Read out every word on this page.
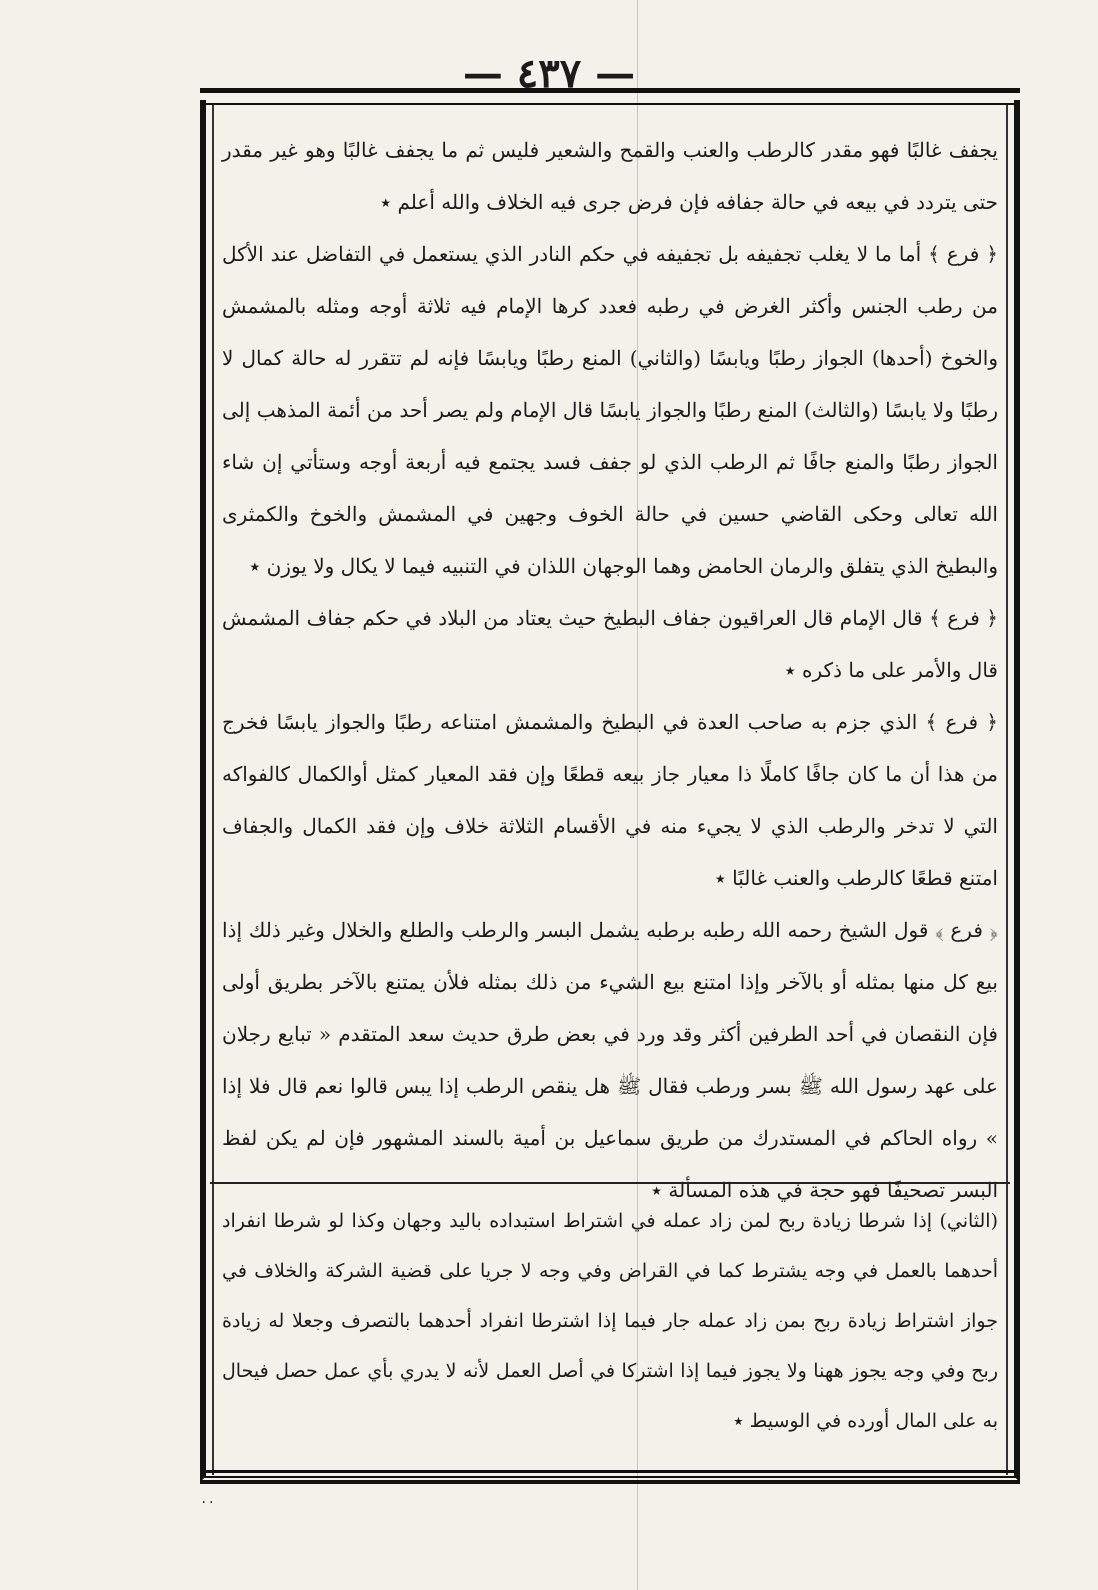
— ٤٣٧ —

يجفف غالبًا فهو مقدر كالرطب والعنب والقمح والشعير فليس ثم ما يجفف غالبًا وهو غير مقدر حتى يتردد في بيعه في حالة جفافه فإن فرض جرى فيه الخلاف والله أعلم ٭

﴿ فرع ﴾ أما ما لا يغلب تجفيفه بل تجفيفه في حكم النادر الذي يستعمل في التفاضل عند الأكل من رطب الجنس وأكثر الغرض في رطبه فعدد كرها الإمام فيه ثلاثة أوجه ومثله بالمشمش والخوخ (أحدها) الجواز رطبًا ويابسًا (والثاني) المنع رطبًا ويابسًا فإنه لم تتقرر له حالة كمال لا رطبًا ولا يابسًا (والثالث) المنع رطبًا والجواز يابسًا قال الإمام ولم يصر أحد من أئمة المذهب إلى الجواز رطبًا والمنع جافًا ثم الرطب الذي لو جفف فسد يجتمع فيه أربعة أوجه وستأتي إن شاء الله تعالى وحكى القاضي حسين في حالة الخوف وجهين في المشمش والخوخ والكمثرى والبطيخ الذي يتفلق والرمان الحامض وهما الوجهان اللذان في التنبيه فيما لا يكال ولا يوزن ٭

﴿ فرع ﴾ قال الإمام قال العراقيون جفاف البطيخ حيث يعتاد من البلاد في حكم جفاف المشمش قال والأمر على ما ذكره ٭

﴿ فرع ﴾ الذي جزم به صاحب العدة في البطيخ والمشمش امتناعه رطبًا والجواز يابسًا فخرج من هذا أن ما كان جافًا كاملًا ذا معيار جاز بيعه قطعًا وإن فقد المعيار كمثل أوالكمال كالفواكه التي لا تدخر والرطب الذي لا يجيء منه في الأقسام الثلاثة خلاف وإن فقد الكمال والجفاف امتنع قطعًا كالرطب والعنب غالبًا ٭

﴿ فرع ﴾ قول الشيخ رحمه الله رطبه برطبه يشمل البسر والرطب والطلع والخلال وغير ذلك إذا بيع كل منها بمثله أو بالآخر وإذا امتنع بيع الشيء من ذلك بمثله فلأن يمتنع بالآخر بطريق أولى فإن النقصان في أحد الطرفين أكثر وقد ورد في بعض طرق حديث سعد المتقدم « تبايع رجلان على عهد رسول الله ﷺ بسر ورطب فقال ﷺ هل ينقص الرطب إذا يبس قالوا نعم قال فلا إذا » رواه الحاكم في المستدرك من طريق سماعيل بن أمية بالسند المشهور فإن لم يكن لفظ البسر تصحيفًا فهو حجة في هذه المسألة ٭

(الثاني) إذا شرطا زيادة ربح لمن زاد عمله في اشتراط استبداده باليد وجهان وكذا لو شرطا انفراد أحدهما بالعمل في وجه يشترط كما في القراض وفي وجه لا جريا على قضية الشركة والخلاف في جواز اشتراط زيادة ربح بمن زاد عمله جار فيما إذا اشترطا انفراد أحدهما بالتصرف وجعلا له زيادة ربح وفي وجه يجوز ههنا ولا يجوز فيما إذا اشتركا في أصل العمل لأنه لا يدري بأي عمل حصل فيحال به على المال أورده في الوسيط ٭

٠٠
